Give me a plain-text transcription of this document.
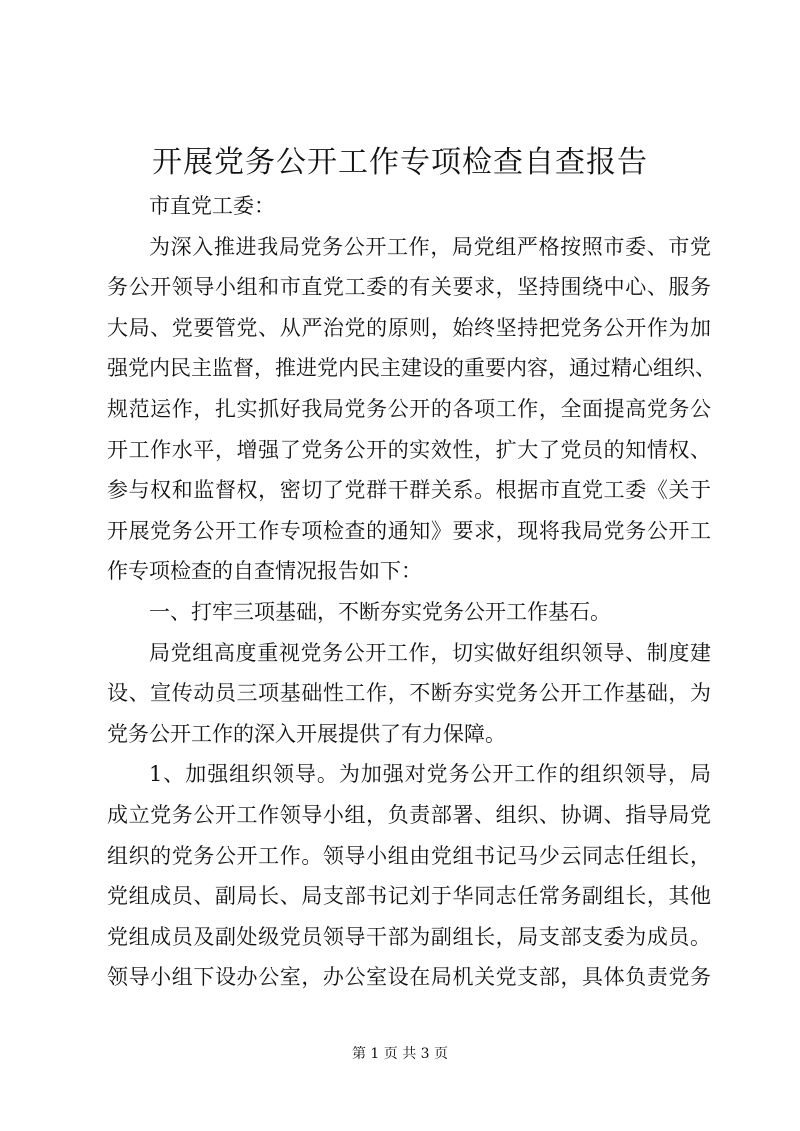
开展党务公开工作专项检查自查报告
市直党工委：
为深入推进我局党务公开工作，局党组严格按照市委、市党
务公开领导小组和市直党工委的有关要求，坚持围绕中心、服务
大局、党要管党、从严治党的原则，始终坚持把党务公开作为加
强党内民主监督，推进党内民主建设的重要内容，通过精心组织、
规范运作，扎实抓好我局党务公开的各项工作，全面提高党务公
开工作水平，增强了党务公开的实效性，扩大了党员的知情权、
参与权和监督权，密切了党群干群关系。根据市直党工委《关于
开展党务公开工作专项检查的通知》要求，现将我局党务公开工
作专项检查的自查情况报告如下：
一、打牢三项基础，不断夯实党务公开工作基石。
局党组高度重视党务公开工作，切实做好组织领导、制度建
设、宣传动员三项基础性工作，不断夯实党务公开工作基础，为
党务公开工作的深入开展提供了有力保障。
1、加强组织领导。为加强对党务公开工作的组织领导，局
成立党务公开工作领导小组，负责部署、组织、协调、指导局党
组织的党务公开工作。领导小组由党组书记马少云同志任组长，
党组成员、副局长、局支部书记刘于华同志任常务副组长，其他
党组成员及副处级党员领导干部为副组长，局支部支委为成员。
领导小组下设办公室，办公室设在局机关党支部，具体负责党务
第 1 页 共 3 页
